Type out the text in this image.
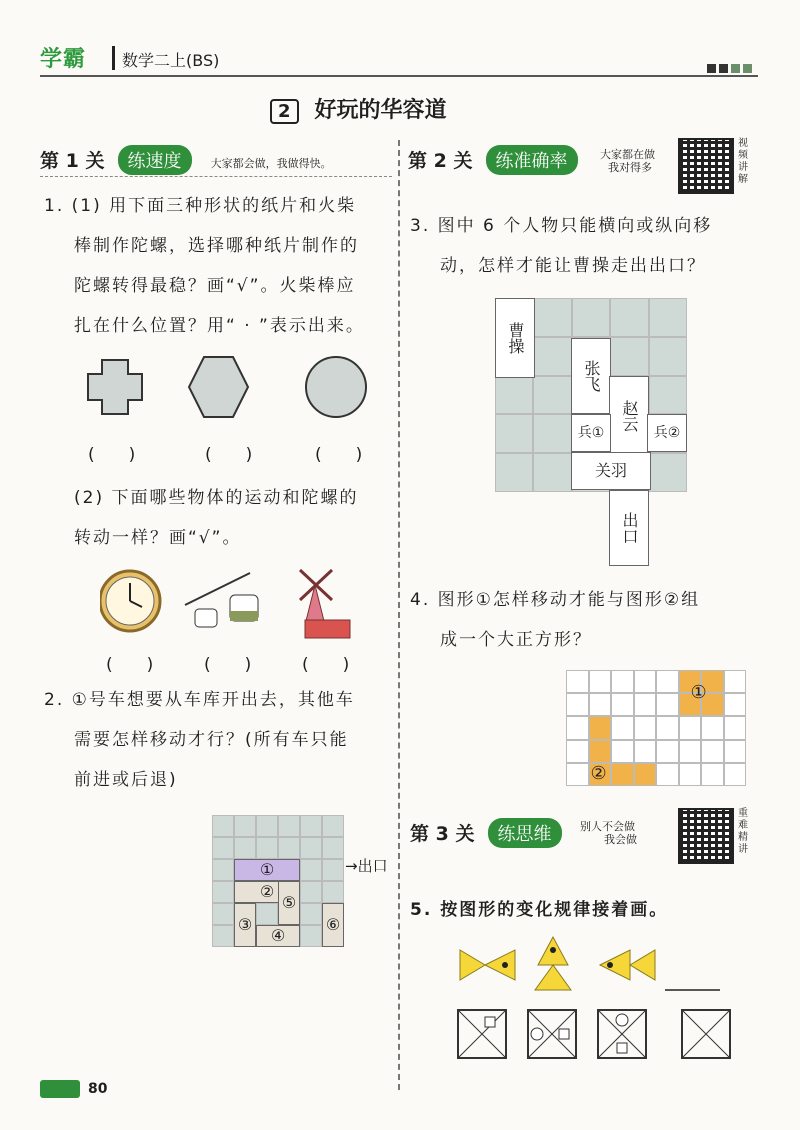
学霸 数学二上(BS)
2 好玩的华容道
第 1 关 练速度	大家都会做，我做得快。
1. (1) 用下面三种形状的纸片和火柴
棒制作陀螺，选择哪种纸片制作的
陀螺转得最稳？画“√”。火柴棒应
扎在什么位置？用“ · ”表示出来。
(　　)	(　　)	(　　)
(2) 下面哪些物体的运动和陀螺的
转动一样？画“√”。
(　　)	(　　)	(　　)
2. ①号车想要从车库开出去，其他车
需要怎样移动才行？(所有车只能
前进或后退)
①
②
③
④
⑤
⑥
→出口
第 2 关 练准确率	大家都在做
我对得多
视频讲解
3. 图中 6 个人物只能横向或纵向移
动，怎样才能让曹操走出出口？
曹操
张飞
赵云
兵①	兵②
关羽
出口
4. 图形①怎样移动才能与图形②组
成一个大正方形？
①
②
第 3 关 练思维	别人不会做
我会做
重难精讲
5. 按图形的变化规律接着画。
80
